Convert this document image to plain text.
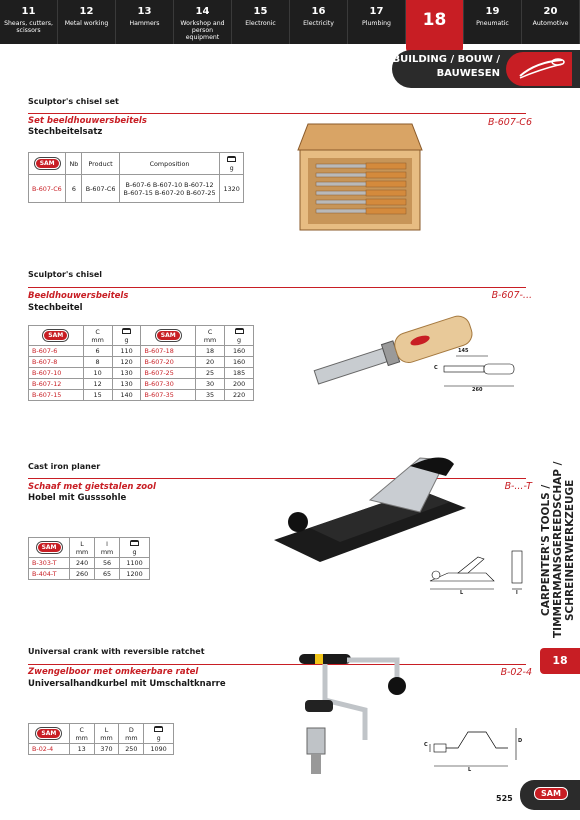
11
Shears, cutters, scissors
12
Metal working
13
Hammers
14
Workshop and person equipment
15
Electronic
16
Electricity
17
Plumbing	18	19
Pneumatic
20
Automotive
BUILDING / BOUW /
BAUWESEN
CARPENTER'S TOOLS / TIMMERMANSGEREEDSCHAP / SCHREINERWERKZEUGE
18
Sculptor's chisel set
Set beeldhouwersbeitels
Stechbeitelsatz
B-607-C6
SAM	Nb	Product	Composition	g
B-607-C6	6	B-607-C6	B-607-6 B-607-10 B-607-12
B-607-15 B-607-20 B-607-25	1320
Sculptor's chisel
Beeldhouwersbeitels
Stechbeitel
B-607-...
SAM	C
mm	g	SAM	C
mm	g
B-607-6	6	110	B-607-18	18	160
B-607-8	8	120	B-607-20	20	160
B-607-10	10	130	B-607-25	25	185
B-607-12	12	130	B-607-30	30	200
B-607-15	15	140	B-607-35	35	220
145
C
260
Cast iron planer
Schaaf met gietstalen zool
Hobel mit Gusssohle
B-...-T
SAM	L
mm	l
mm	g
B-303-T	240	56	1100
B-404-T	260	65	1200
L	l
Universal crank with reversible ratchet
Zwengelboor met omkeerbare ratel
Universalhandkurbel mit Umschaltknarre
B-02-4
SAM	C
mm	L
mm	D
mm	g
B-02-4	13	370	250	1090
D
L
C
525
SAM
